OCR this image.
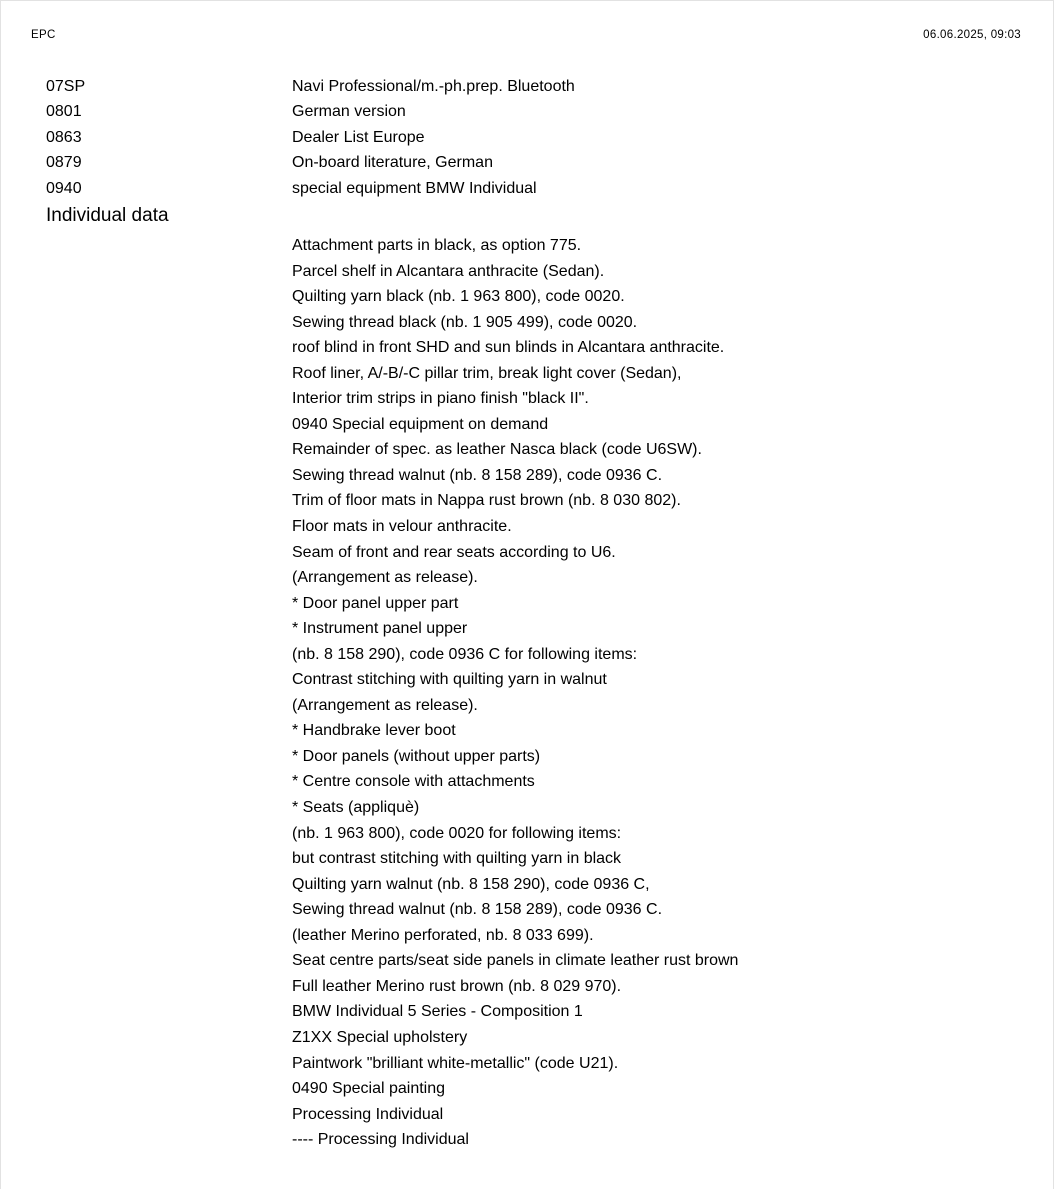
EPC	06.06.2025, 09:03
07SP	Navi Professional/m.-ph.prep. Bluetooth
0801	German version
0863	Dealer List Europe
0879	On-board literature, German
0940	special equipment BMW Individual
Individual data
Attachment parts in black, as option 775.
Parcel shelf in Alcantara anthracite (Sedan).
Quilting yarn black (nb. 1 963 800), code 0020.
Sewing thread black (nb. 1 905 499), code 0020.
roof blind in front SHD and sun blinds in Alcantara anthracite.
Roof liner, A/-B/-C pillar trim, break light cover (Sedan),
Interior trim strips in piano finish "black II".
0940 Special equipment on demand
Remainder of spec. as leather Nasca black (code U6SW).
Sewing thread walnut (nb. 8 158 289), code 0936 C.
Trim of floor mats in Nappa rust brown (nb. 8 030 802).
Floor mats in velour anthracite.
Seam of front and rear seats according to U6.
(Arrangement as release).
* Door panel upper part
* Instrument panel upper
(nb. 8 158 290), code 0936 C for following items:
Contrast stitching with quilting yarn in walnut
(Arrangement as release).
* Handbrake lever boot
* Door panels (without upper parts)
* Centre console with attachments
* Seats (appliquè)
(nb. 1 963 800), code 0020 for following items:
but contrast stitching with quilting yarn in black
Quilting yarn walnut (nb. 8 158 290), code 0936 C,
Sewing thread walnut (nb. 8 158 289), code 0936 C.
(leather Merino perforated, nb. 8 033 699).
Seat centre parts/seat side panels in climate leather rust brown
Full leather Merino rust brown (nb. 8 029 970).
BMW Individual 5 Series - Composition 1
Z1XX Special upholstery
Paintwork "brilliant white-metallic" (code U21).
0490 Special painting
Processing Individual
---- Processing Individual
